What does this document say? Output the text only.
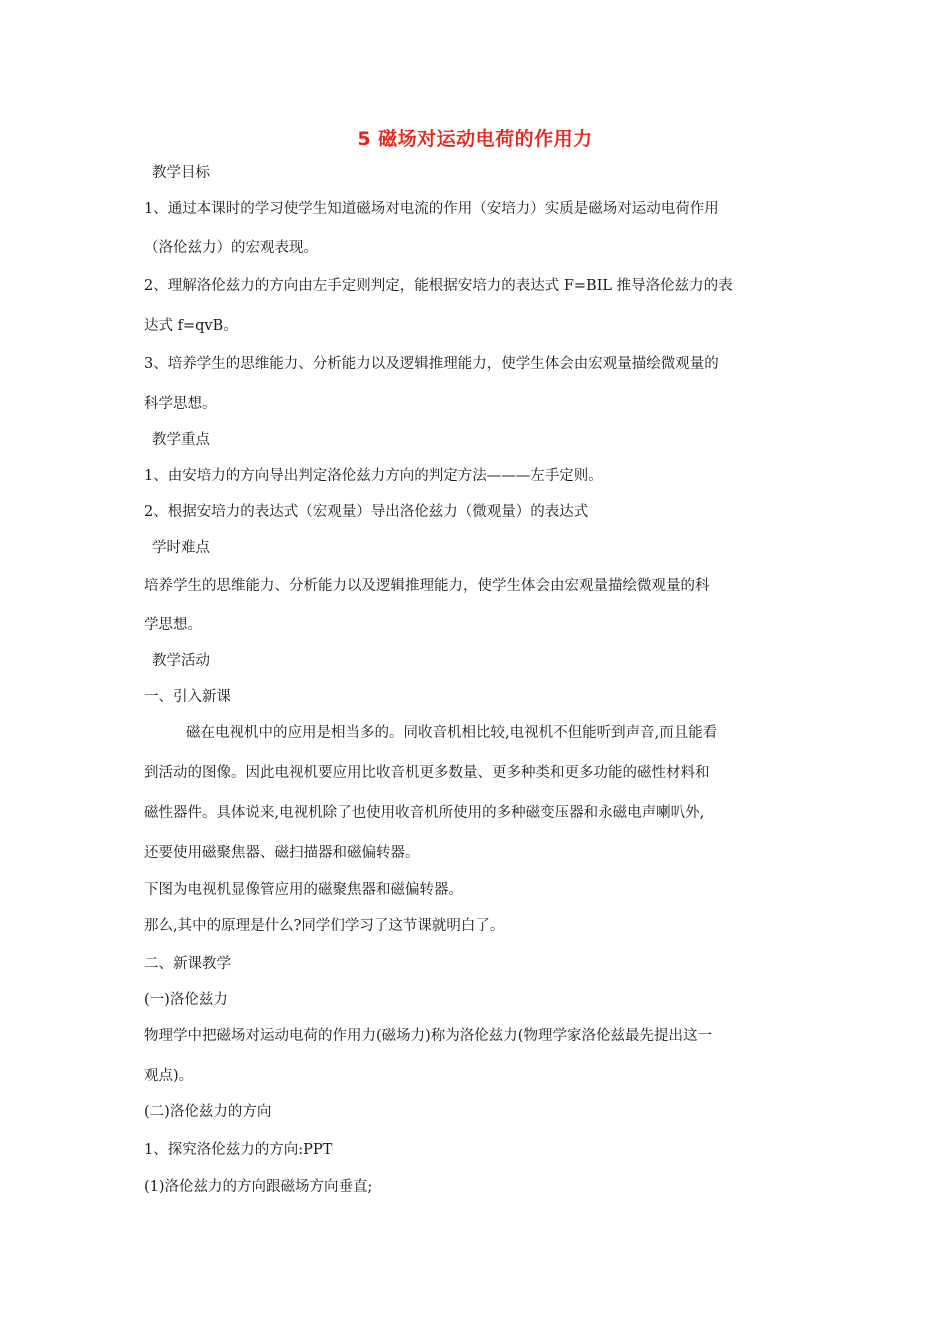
5 磁场对运动电荷的作用力
教学目标
1、通过本课时的学习使学生知道磁场对电流的作用（安培力）实质是磁场对运动电荷作用
（洛伦兹力）的宏观表现。
2、理解洛伦兹力的方向由左手定则判定，能根据安培力的表达式 F=BIL 推导洛伦兹力的表
达式 f=qvB。
3、培养学生的思维能力、分析能力以及逻辑推理能力，使学生体会由宏观量描绘微观量的
科学思想。
教学重点
1、由安培力的方向导出判定洛伦兹力方向的判定方法———左手定则。
2、根据安培力的表达式（宏观量）导出洛伦兹力（微观量）的表达式
学时难点
培养学生的思维能力、分析能力以及逻辑推理能力，使学生体会由宏观量描绘微观量的科
学思想。
教学活动
一、引入新课
磁在电视机中的应用是相当多的。同收音机相比较,电视机不但能听到声音,而且能看
到活动的图像。因此电视机要应用比收音机更多数量、更多种类和更多功能的磁性材料和
磁性器件。具体说来,电视机除了也使用收音机所使用的多种磁变压器和永磁电声喇叭外,
还要使用磁聚焦器、磁扫描器和磁偏转器。
下图为电视机显像管应用的磁聚焦器和磁偏转器。
那么,其中的原理是什么?同学们学习了这节课就明白了。
二、新课教学
(一)洛伦兹力
物理学中把磁场对运动电荷的作用力(磁场力)称为洛伦兹力(物理学家洛伦兹最先提出这一
观点)。
(二)洛伦兹力的方向
1、探究洛伦兹力的方向:PPT
(1)洛伦兹力的方向跟磁场方向垂直;
